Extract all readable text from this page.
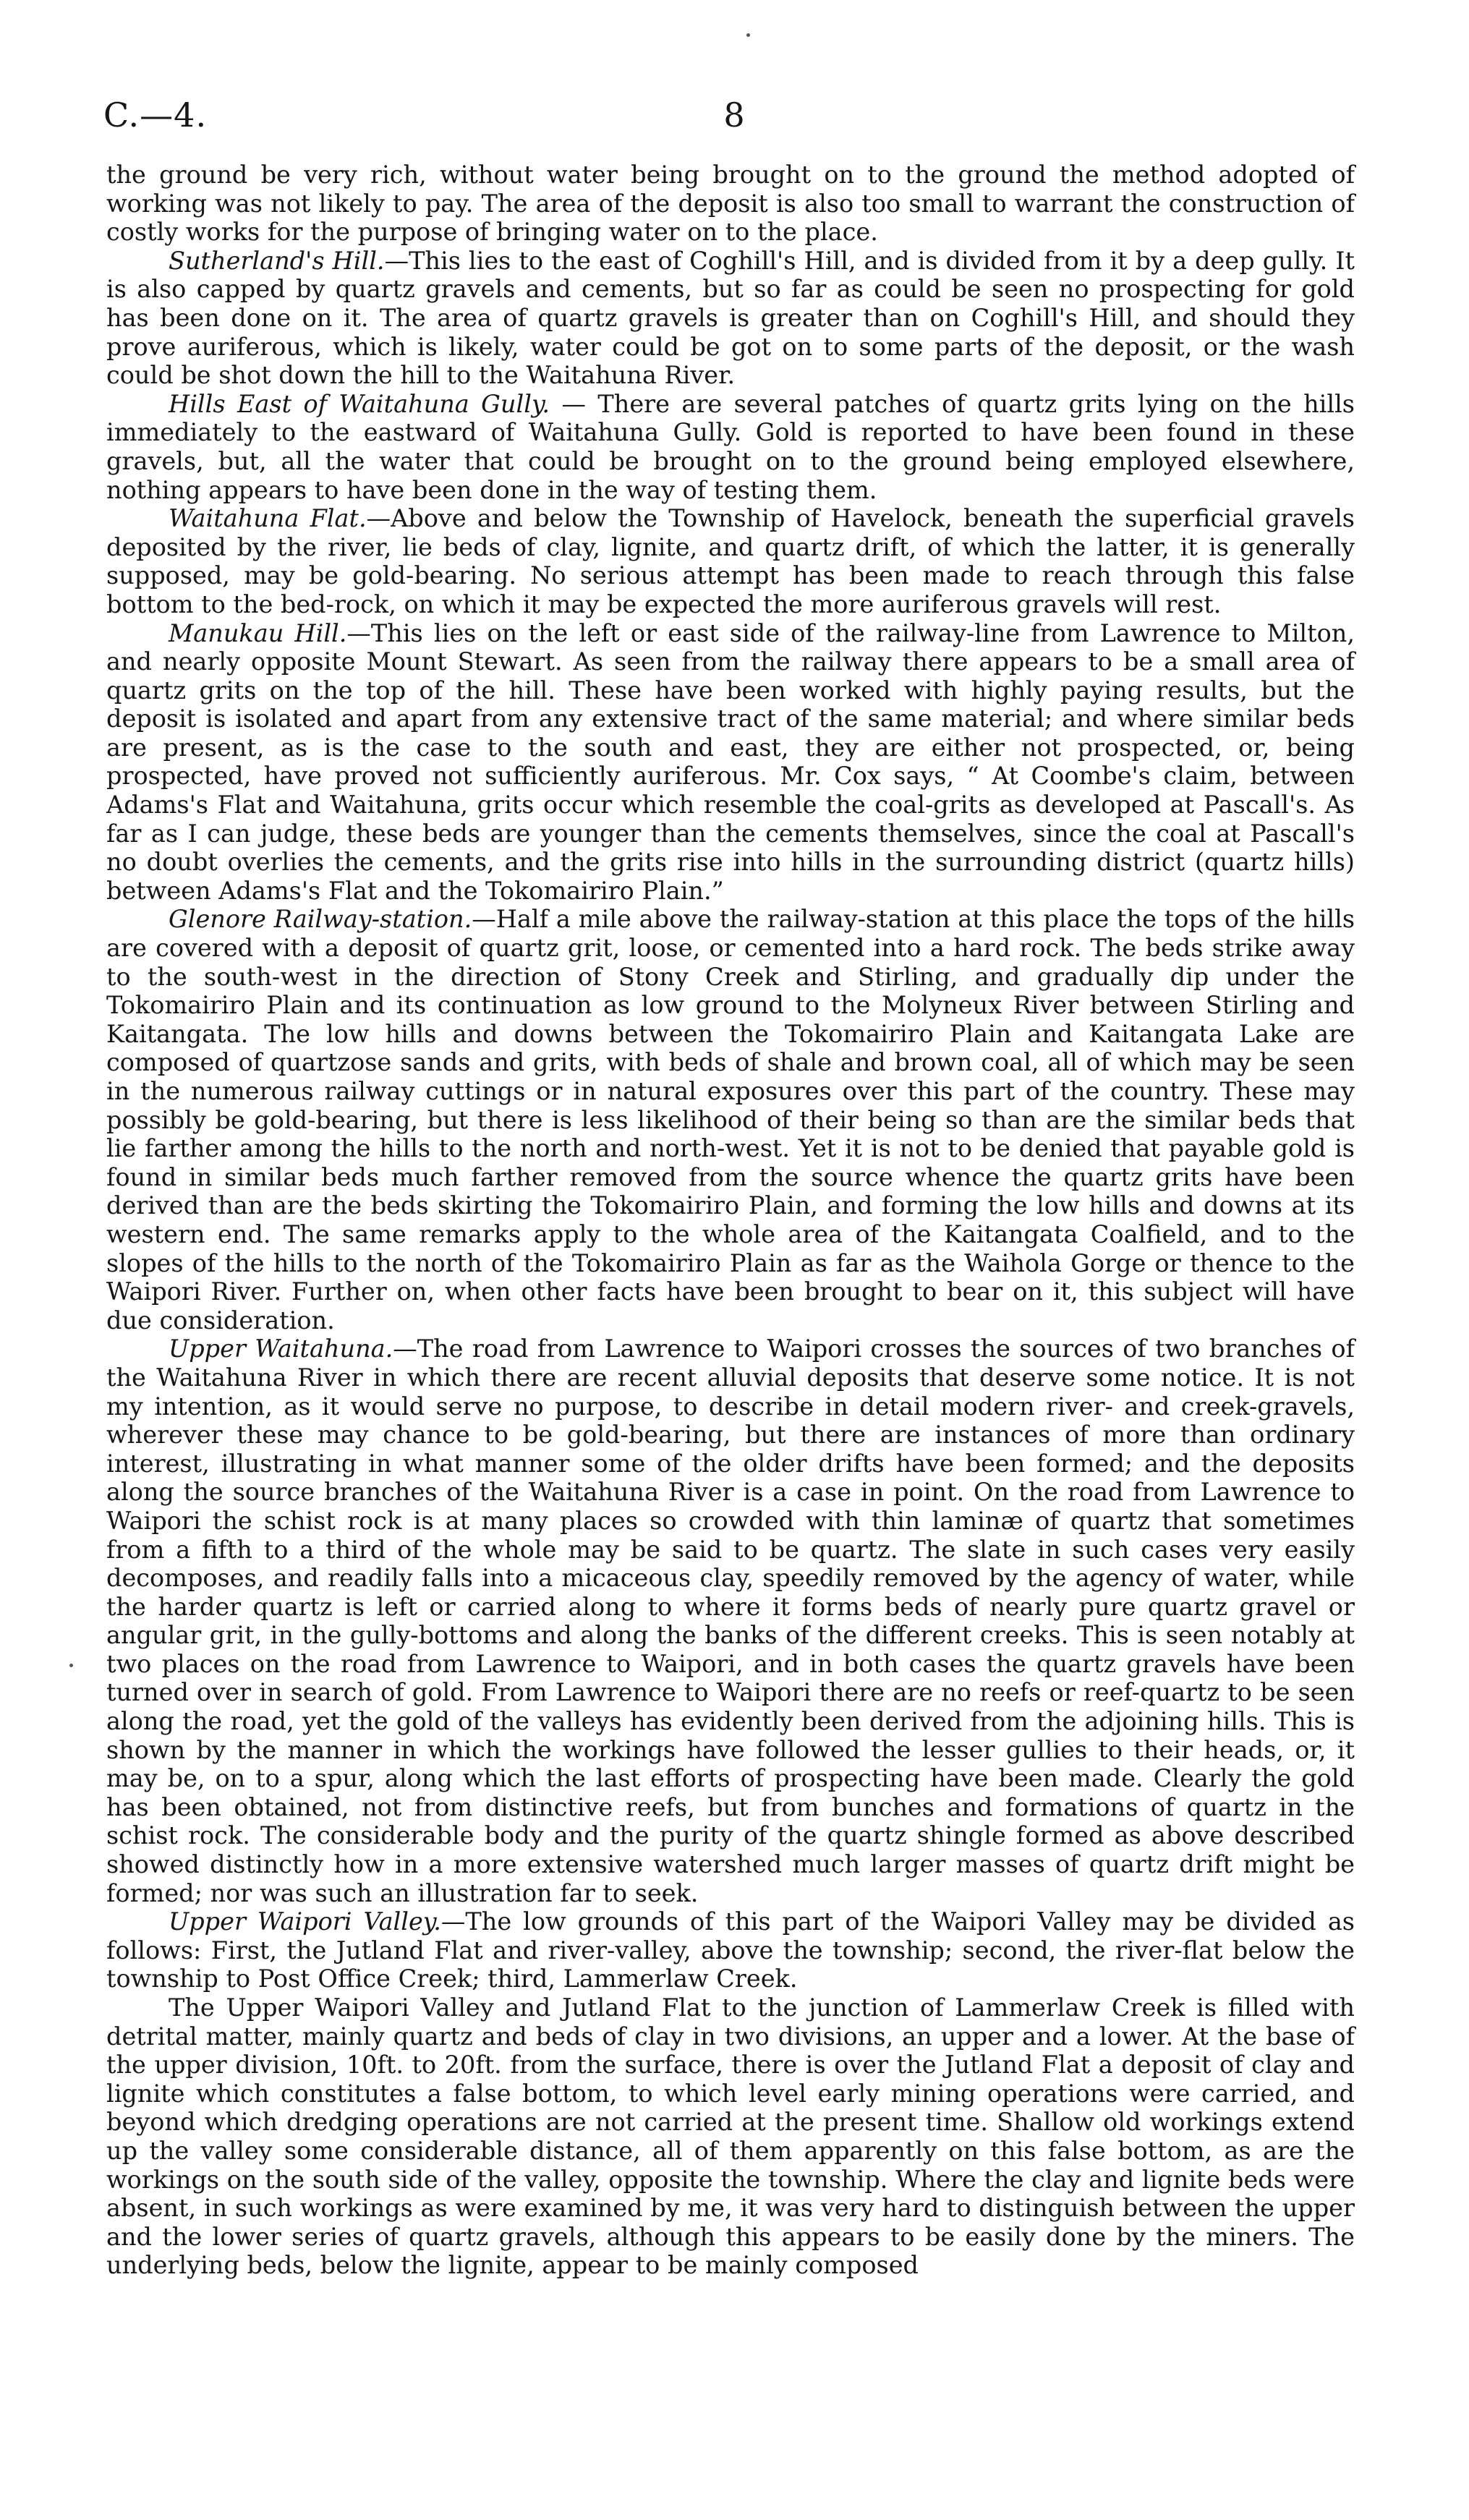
C.—4.	8

the ground be very rich, without water being brought on to the ground the method adopted of working was not likely to pay. The area of the deposit is also too small to warrant the construction of costly works for the purpose of bringing water on to the place.

Sutherland's Hill.—This lies to the east of Coghill's Hill, and is divided from it by a deep gully. It is also capped by quartz gravels and cements, but so far as could be seen no prospecting for gold has been done on it. The area of quartz gravels is greater than on Coghill's Hill, and should they prove auriferous, which is likely, water could be got on to some parts of the deposit, or the wash could be shot down the hill to the Waitahuna River.

Hills East of Waitahuna Gully. — There are several patches of quartz grits lying on the hills immediately to the eastward of Waitahuna Gully. Gold is reported to have been found in these gravels, but, all the water that could be brought on to the ground being employed elsewhere, nothing appears to have been done in the way of testing them.

Waitahuna Flat.—Above and below the Township of Havelock, beneath the superficial gravels deposited by the river, lie beds of clay, lignite, and quartz drift, of which the latter, it is generally supposed, may be gold-bearing. No serious attempt has been made to reach through this false bottom to the bed-rock, on which it may be expected the more auriferous gravels will rest.

Manukau Hill.—This lies on the left or east side of the railway-line from Lawrence to Milton, and nearly opposite Mount Stewart. As seen from the railway there appears to be a small area of quartz grits on the top of the hill. These have been worked with highly paying results, but the deposit is isolated and apart from any extensive tract of the same material; and where similar beds are present, as is the case to the south and east, they are either not prospected, or, being prospected, have proved not sufficiently auriferous. Mr. Cox says, “ At Coombe's claim, between Adams's Flat and Waitahuna, grits occur which resemble the coal-grits as developed at Pascall's. As far as I can judge, these beds are younger than the cements themselves, since the coal at Pascall's no doubt overlies the cements, and the grits rise into hills in the surrounding district (quartz hills) between Adams's Flat and the Tokomairiro Plain.”

Glenore Railway-station.—Half a mile above the railway-station at this place the tops of the hills are covered with a deposit of quartz grit, loose, or cemented into a hard rock. The beds strike away to the south-west in the direction of Stony Creek and Stirling, and gradually dip under the Tokomairiro Plain and its continuation as low ground to the Molyneux River between Stirling and Kaitangata. The low hills and downs between the Tokomairiro Plain and Kaitangata Lake are composed of quartzose sands and grits, with beds of shale and brown coal, all of which may be seen in the numerous railway cuttings or in natural exposures over this part of the country. These may possibly be gold-bearing, but there is less likelihood of their being so than are the similar beds that lie farther among the hills to the north and north-west. Yet it is not to be denied that payable gold is found in similar beds much farther removed from the source whence the quartz grits have been derived than are the beds skirting the Tokomairiro Plain, and forming the low hills and downs at its western end. The same remarks apply to the whole area of the Kaitangata Coalfield, and to the slopes of the hills to the north of the Tokomairiro Plain as far as the Waihola Gorge or thence to the Waipori River. Further on, when other facts have been brought to bear on it, this subject will have due consideration.

Upper Waitahuna.—The road from Lawrence to Waipori crosses the sources of two branches of the Waitahuna River in which there are recent alluvial deposits that deserve some notice. It is not my intention, as it would serve no purpose, to describe in detail modern river- and creek-gravels, wherever these may chance to be gold-bearing, but there are instances of more than ordinary interest, illustrating in what manner some of the older drifts have been formed; and the deposits along the source branches of the Waitahuna River is a case in point. On the road from Lawrence to Waipori the schist rock is at many places so crowded with thin laminæ of quartz that sometimes from a fifth to a third of the whole may be said to be quartz. The slate in such cases very easily decomposes, and readily falls into a micaceous clay, speedily removed by the agency of water, while the harder quartz is left or carried along to where it forms beds of nearly pure quartz gravel or angular grit, in the gully-bottoms and along the banks of the different creeks. This is seen notably at two places on the road from Lawrence to Waipori, and in both cases the quartz gravels have been turned over in search of gold. From Lawrence to Waipori there are no reefs or reef-quartz to be seen along the road, yet the gold of the valleys has evidently been derived from the adjoining hills. This is shown by the manner in which the workings have followed the lesser gullies to their heads, or, it may be, on to a spur, along which the last efforts of prospecting have been made. Clearly the gold has been obtained, not from distinctive reefs, but from bunches and formations of quartz in the schist rock. The considerable body and the purity of the quartz shingle formed as above described showed distinctly how in a more extensive watershed much larger masses of quartz drift might be formed; nor was such an illustration far to seek.

Upper Waipori Valley.—The low grounds of this part of the Waipori Valley may be divided as follows: First, the Jutland Flat and river-valley, above the township; second, the river-flat below the township to Post Office Creek; third, Lammerlaw Creek.

The Upper Waipori Valley and Jutland Flat to the junction of Lammerlaw Creek is filled with detrital matter, mainly quartz and beds of clay in two divisions, an upper and a lower. At the base of the upper division, 10ft. to 20ft. from the surface, there is over the Jutland Flat a deposit of clay and lignite which constitutes a false bottom, to which level early mining operations were carried, and beyond which dredging operations are not carried at the present time. Shallow old workings extend up the valley some considerable distance, all of them apparently on this false bottom, as are the workings on the south side of the valley, opposite the township. Where the clay and lignite beds were absent, in such workings as were examined by me, it was very hard to distinguish between the upper and the lower series of quartz gravels, although this appears to be easily done by the miners. The underlying beds, below the lignite, appear to be mainly composed
